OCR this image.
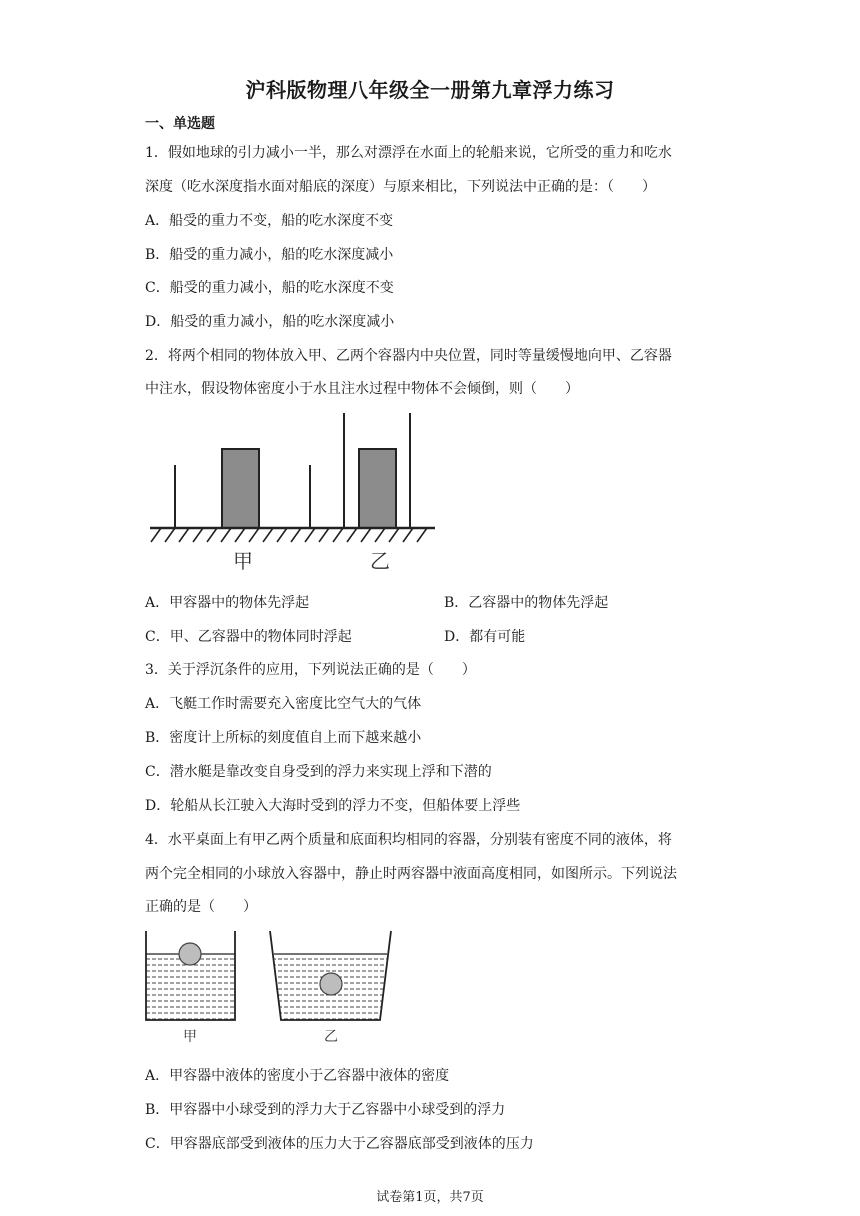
沪科版物理八年级全一册第九章浮力练习
一、单选题
1．假如地球的引力减小一半，那么对漂浮在水面上的轮船来说，它所受的重力和吃水
深度（吃水深度指水面对船底的深度）与原来相比，下列说法中正确的是：（　　）
A．船受的重力不变，船的吃水深度不变
B．船受的重力减小，船的吃水深度减小
C．船受的重力减小，船的吃水深度不变
D．船受的重力减小，船的吃水深度减小
2．将两个相同的物体放入甲、乙两个容器内中央位置，同时等量缓慢地向甲、乙容器
中注水，假设物体密度小于水且注水过程中物体不会倾倒，则（　　）
甲	乙
A．甲容器中的物体先浮起	B．乙容器中的物体先浮起
C．甲、乙容器中的物体同时浮起	D．都有可能
3．关于浮沉条件的应用，下列说法正确的是（　　）
A．飞艇工作时需要充入密度比空气大的气体
B．密度计上所标的刻度值自上而下越来越小
C．潜水艇是靠改变自身受到的浮力来实现上浮和下潜的
D．轮船从长江驶入大海时受到的浮力不变，但船体要上浮些
4．水平桌面上有甲乙两个质量和底面积均相同的容器，分别装有密度不同的液体，将
两个完全相同的小球放入容器中，静止时两容器中液面高度相同，如图所示。下列说法
正确的是（　　）
甲	乙
A．甲容器中液体的密度小于乙容器中液体的密度
B．甲容器中小球受到的浮力大于乙容器中小球受到的浮力
C．甲容器底部受到液体的压力大于乙容器底部受到液体的压力
试卷第1页，共7页
